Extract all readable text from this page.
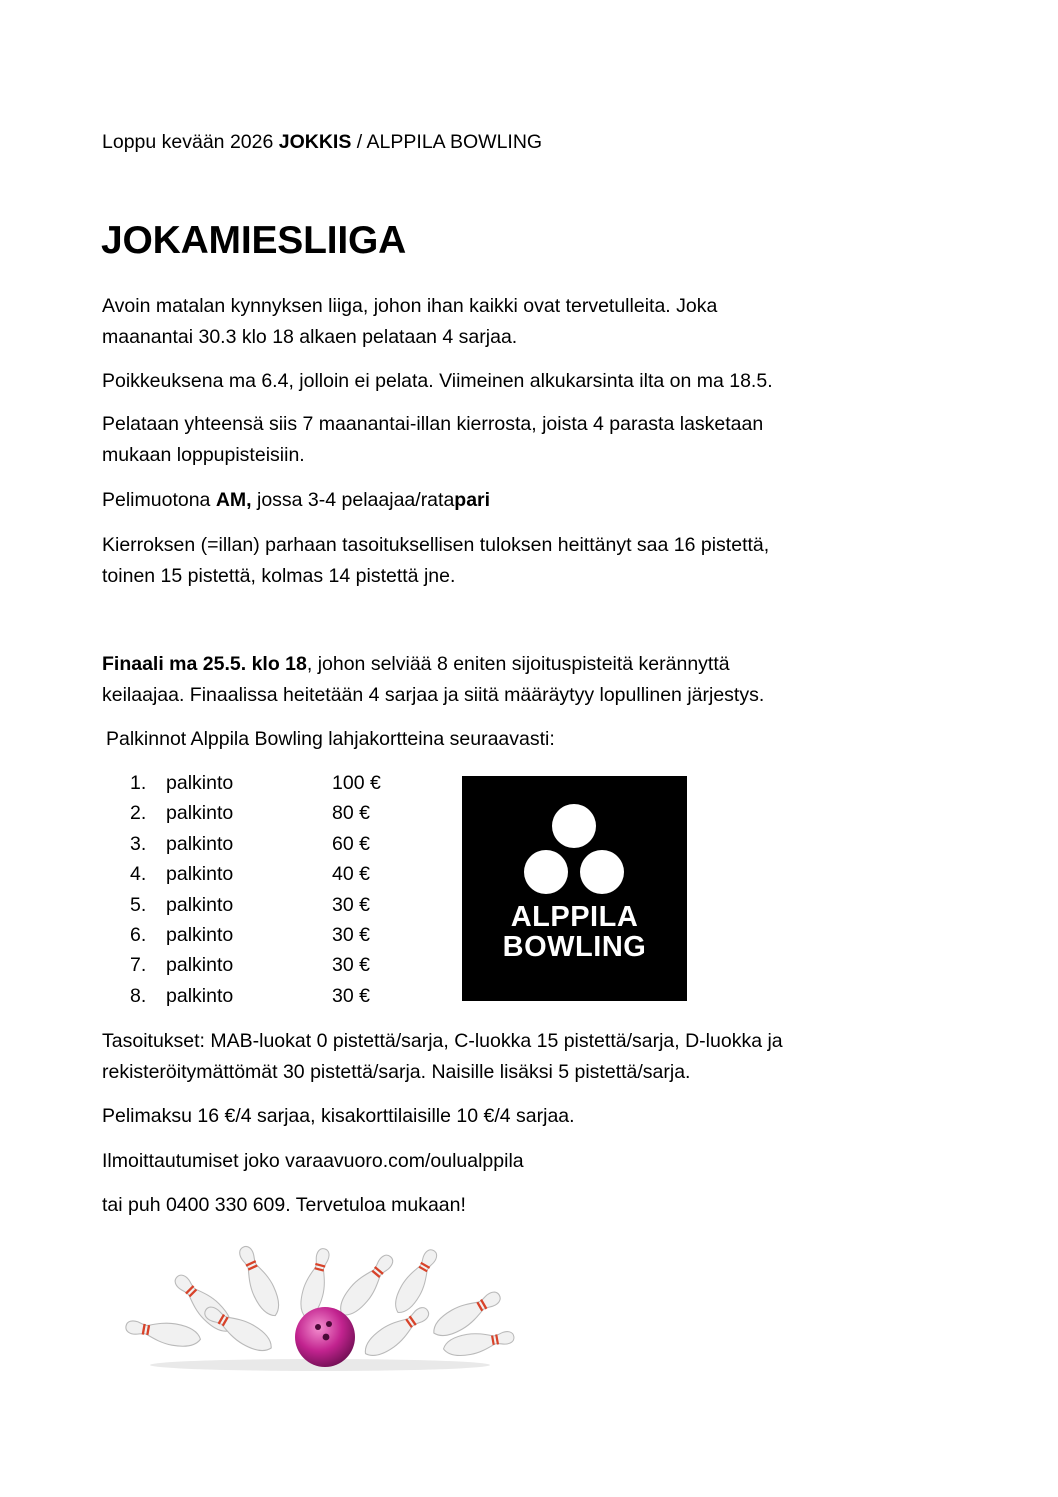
Loppu kevään 2026 JOKKIS / ALPPILA BOWLING

JOKAMIESLIIGA

Avoin matalan kynnyksen liiga, johon ihan kaikki ovat tervetulleita. Joka
maanantai 30.3 klo 18 alkaen pelataan 4 sarjaa.

Poikkeuksena ma 6.4, jolloin ei pelata. Viimeinen alkukarsinta ilta on ma 18.5.

Pelataan yhteensä siis 7 maanantai-illan kierrosta, joista 4 parasta lasketaan
mukaan loppupisteisiin.

Pelimuotona AM, jossa 3-4 pelaajaa/ratapari

Kierroksen (=illan) parhaan tasoituksellisen tuloksen heittänyt saa 16 pistettä,
toinen 15 pistettä, kolmas 14 pistettä jne.

Finaali ma 25.5. klo 18, johon selviää 8 eniten sijoituspisteitä kerännyttä
keilaajaa. Finaalissa heitetään 4 sarjaa ja siitä määräytyy lopullinen järjestys.

Palkinnot Alppila Bowling lahjakortteina seuraavasti:

1.	palkinto	100 €
2.	palkinto	80 €
3.	palkinto	60 €
4.	palkinto	40 €
5.	palkinto	30 €
6.	palkinto	30 €
7.	palkinto	30 €
8.	palkinto	30 €
ALPPILA
BOWLING

Tasoitukset: MAB-luokat 0 pistettä/sarja, C-luokka 15 pistettä/sarja, D-luokka ja
rekisteröitymättömät 30 pistettä/sarja. Naisille lisäksi 5 pistettä/sarja.

Pelimaksu 16 €/4 sarjaa, kisakorttilaisille 10 €/4 sarjaa.

Ilmoittautumiset joko varaavuoro.com/oulualppila

tai puh 0400 330 609. Tervetuloa mukaan!
